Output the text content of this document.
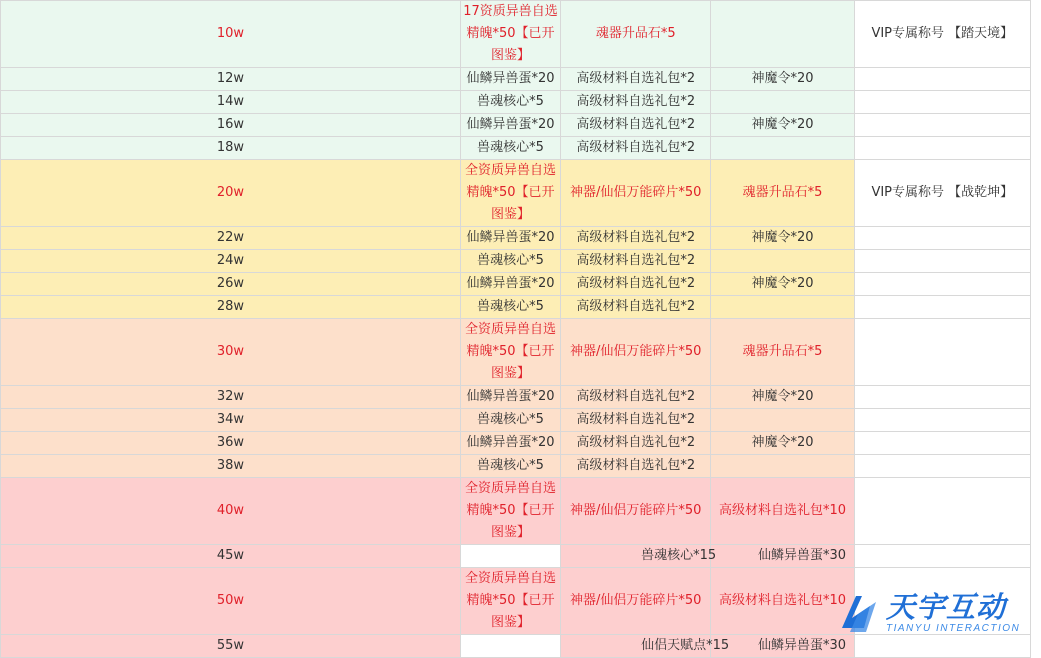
10w	17资质异兽自选精魄*50【已开图鉴】	魂器升品石*5		VIP专属称号 【踏天境】
12w	仙鳞异兽蛋*20	高级材料自选礼包*2	神魔令*20	
14w	兽魂核心*5	高级材料自选礼包*2		
16w	仙鳞异兽蛋*20	高级材料自选礼包*2	神魔令*20	
18w	兽魂核心*5	高级材料自选礼包*2		
20w	全资质异兽自选精魄*50【已开图鉴】	神器/仙侣万能碎片*50	魂器升品石*5	VIP专属称号 【战乾坤】
22w	仙鳞异兽蛋*20	高级材料自选礼包*2	神魔令*20	
24w	兽魂核心*5	高级材料自选礼包*2		
26w	仙鳞异兽蛋*20	高级材料自选礼包*2	神魔令*20	
28w	兽魂核心*5	高级材料自选礼包*2		
30w	全资质异兽自选精魄*50【已开图鉴】	神器/仙侣万能碎片*50	魂器升品石*5	
32w	仙鳞异兽蛋*20	高级材料自选礼包*2	神魔令*20	
34w	兽魂核心*5	高级材料自选礼包*2		
36w	仙鳞异兽蛋*20	高级材料自选礼包*2	神魔令*20	
38w	兽魂核心*5	高级材料自选礼包*2		
40w	全资质异兽自选精魄*50【已开图鉴】	神器/仙侣万能碎片*50	高级材料自选礼包*10	
45w		兽魂核心*15	仙鳞异兽蛋*30	
50w	全资质异兽自选精魄*50【已开图鉴】	神器/仙侣万能碎片*50	高级材料自选礼包*10	
55w		仙侣天赋点*15	仙鳞异兽蛋*30	
天宇互动
TIANYU INTERACTION
